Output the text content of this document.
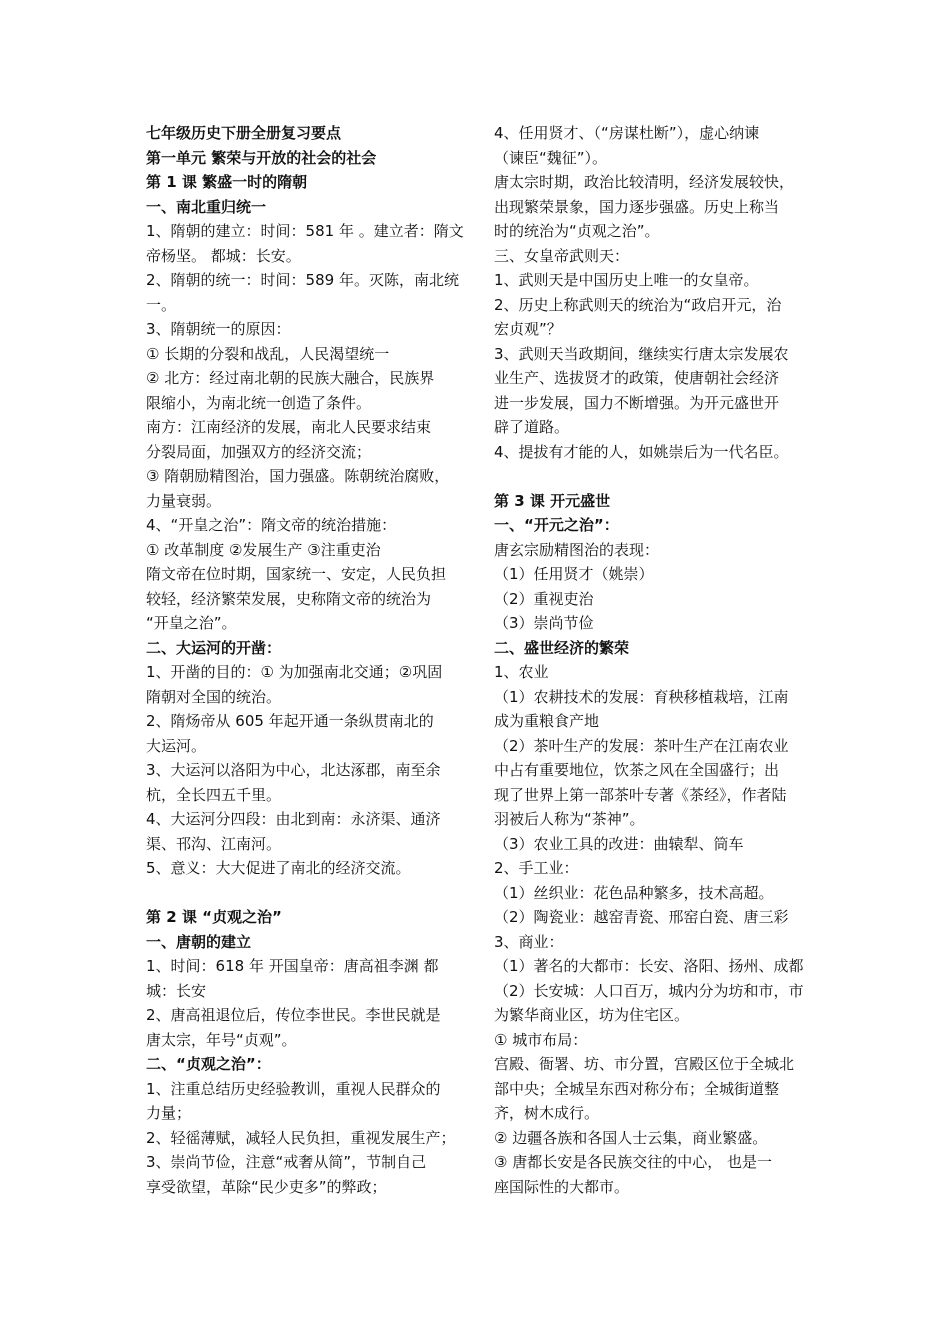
七年级历史下册全册复习要点
第一单元 繁荣与开放的社会的社会
第 1 课 繁盛一时的隋朝
一、南北重归统一
1、隋朝的建立：时间：581 年 。建立者：隋文
帝杨坚。 都城：长安。
2、隋朝的统一：时间：589 年。灭陈，南北统
一。
3、隋朝统一的原因：
① 长期的分裂和战乱，人民渴望统一
② 北方：经过南北朝的民族大融合，民族界
限缩小，为南北统一创造了条件。
南方：江南经济的发展，南北人民要求结束
分裂局面，加强双方的经济交流；
③ 隋朝励精图治，国力强盛。陈朝统治腐败，
力量衰弱。
4、“开皇之治”：隋文帝的统治措施：
① 改革制度 ②发展生产 ③注重吏治
隋文帝在位时期，国家统一、安定，人民负担
较轻，经济繁荣发展，史称隋文帝的统治为
“开皇之治”。
二、大运河的开凿：
1、开凿的目的：① 为加强南北交通；②巩固
隋朝对全国的统治。
2、隋炀帝从 605 年起开通一条纵贯南北的
大运河。
3、大运河以洛阳为中心，北达涿郡，南至余
杭，全长四五千里。
4、大运河分四段：由北到南：永济渠、通济
渠、邗沟、江南河。
5、意义：大大促进了南北的经济交流。
第 2 课 “贞观之治”
一、唐朝的建立
1、时间：618 年 开国皇帝：唐高祖李渊 都
城：长安
2、唐高祖退位后，传位李世民。李世民就是
唐太宗，年号“贞观”。
二、“贞观之治”：
1、注重总结历史经验教训，重视人民群众的
力量；
2、轻徭薄赋，减轻人民负担，重视发展生产；
3、崇尚节俭，注意“戒奢从简”，节制自己
享受欲望，革除“民少吏多”的弊政；
4、任用贤才、（“房谋杜断”），虚心纳谏
（谏臣“魏征”）。
唐太宗时期，政治比较清明，经济发展较快，
出现繁荣景象，国力逐步强盛。历史上称当
时的统治为“贞观之治”。
三、女皇帝武则天：
1、武则天是中国历史上唯一的女皇帝。
2、历史上称武则天的统治为“政启开元，治
宏贞观”？
3、武则天当政期间，继续实行唐太宗发展农
业生产、选拔贤才的政策，使唐朝社会经济
进一步发展，国力不断增强。为开元盛世开
辟了道路。
4、提拔有才能的人，如姚崇后为一代名臣。
第 3 课 开元盛世
一、“开元之治”：
唐玄宗励精图治的表现：
（1）任用贤才（姚崇）
（2）重视吏治
（3）崇尚节俭
二、盛世经济的繁荣
1、农业
（1）农耕技术的发展：育秧移植栽培，江南
成为重粮食产地
（2）茶叶生产的发展：茶叶生产在江南农业
中占有重要地位，饮茶之风在全国盛行；出
现了世界上第一部茶叶专著《茶经》，作者陆
羽被后人称为“茶神”。
（3）农业工具的改进：曲辕犁、筒车
2、手工业：
（1）丝织业：花色品种繁多，技术高超。
（2）陶瓷业：越窑青瓷、邢窑白瓷、唐三彩
3、商业：
（1）著名的大都市：长安、洛阳、扬州、成都
（2）长安城：人口百万，城内分为坊和市，市
为繁华商业区，坊为住宅区。
① 城市布局：
宫殿、衙署、坊、市分置，宫殿区位于全城北
部中央；全城呈东西对称分布；全城街道整
齐，树木成行。
② 边疆各族和各国人士云集，商业繁盛。
③ 唐都长安是各民族交往的中心， 也是一
座国际性的大都市。
